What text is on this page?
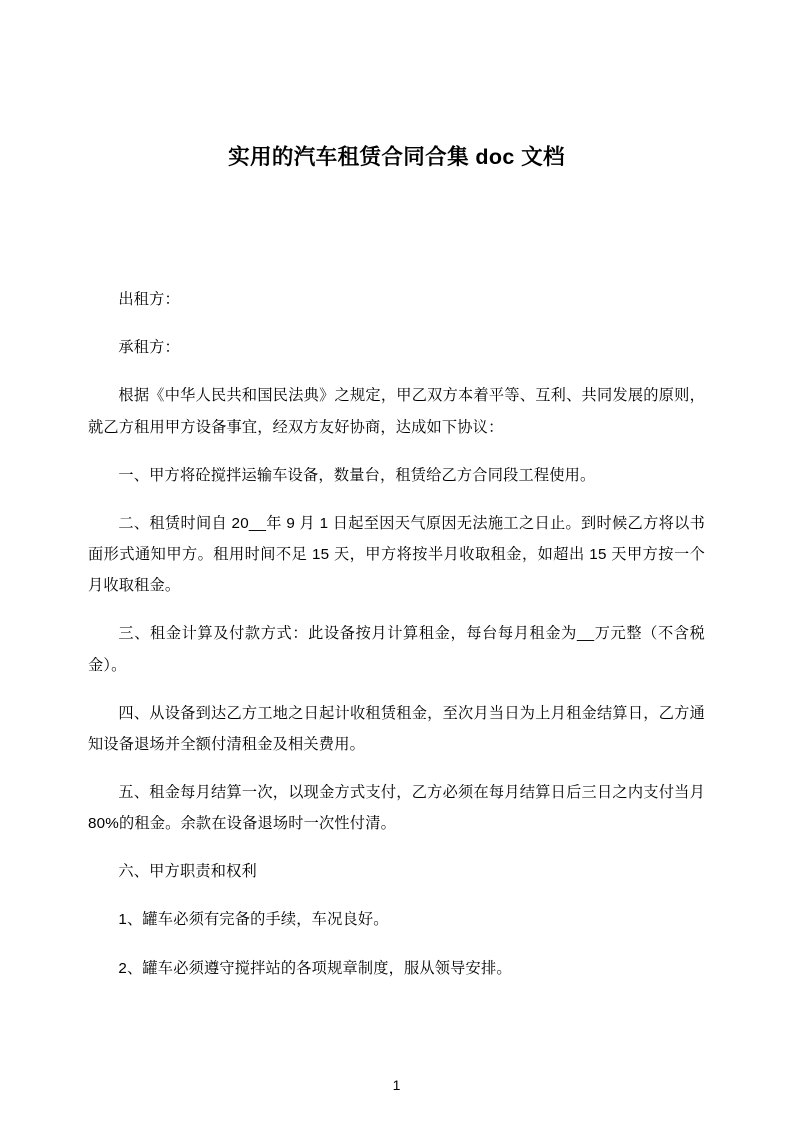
实用的汽车租赁合同合集 doc 文档

出租方：

承租方：

根据《中华人民共和国民法典》之规定，甲乙双方本着平等、互利、共同发展的原则，就乙方租用甲方设备事宜，经双方友好协商，达成如下协议：

一、甲方将砼搅拌运输车设备，数量台，租赁给乙方合同段工程使用。

二、租赁时间自 20__年 9 月 1 日起至因天气原因无法施工之日止。到时候乙方将以书面形式通知甲方。租用时间不足 15 天，甲方将按半月收取租金，如超出 15 天甲方按一个月收取租金。

三、租金计算及付款方式：此设备按月计算租金，每台每月租金为__万元整（不含税金）。

四、从设备到达乙方工地之日起计收租赁租金，至次月当日为上月租金结算日，乙方通知设备退场并全额付清租金及相关费用。

五、租金每月结算一次，以现金方式支付，乙方必须在每月结算日后三日之内支付当月 80%的租金。余款在设备退场时一次性付清。

六、甲方职责和权利

1、罐车必须有完备的手续，车况良好。

2、罐车必须遵守搅拌站的各项规章制度，服从领导安排。

1
